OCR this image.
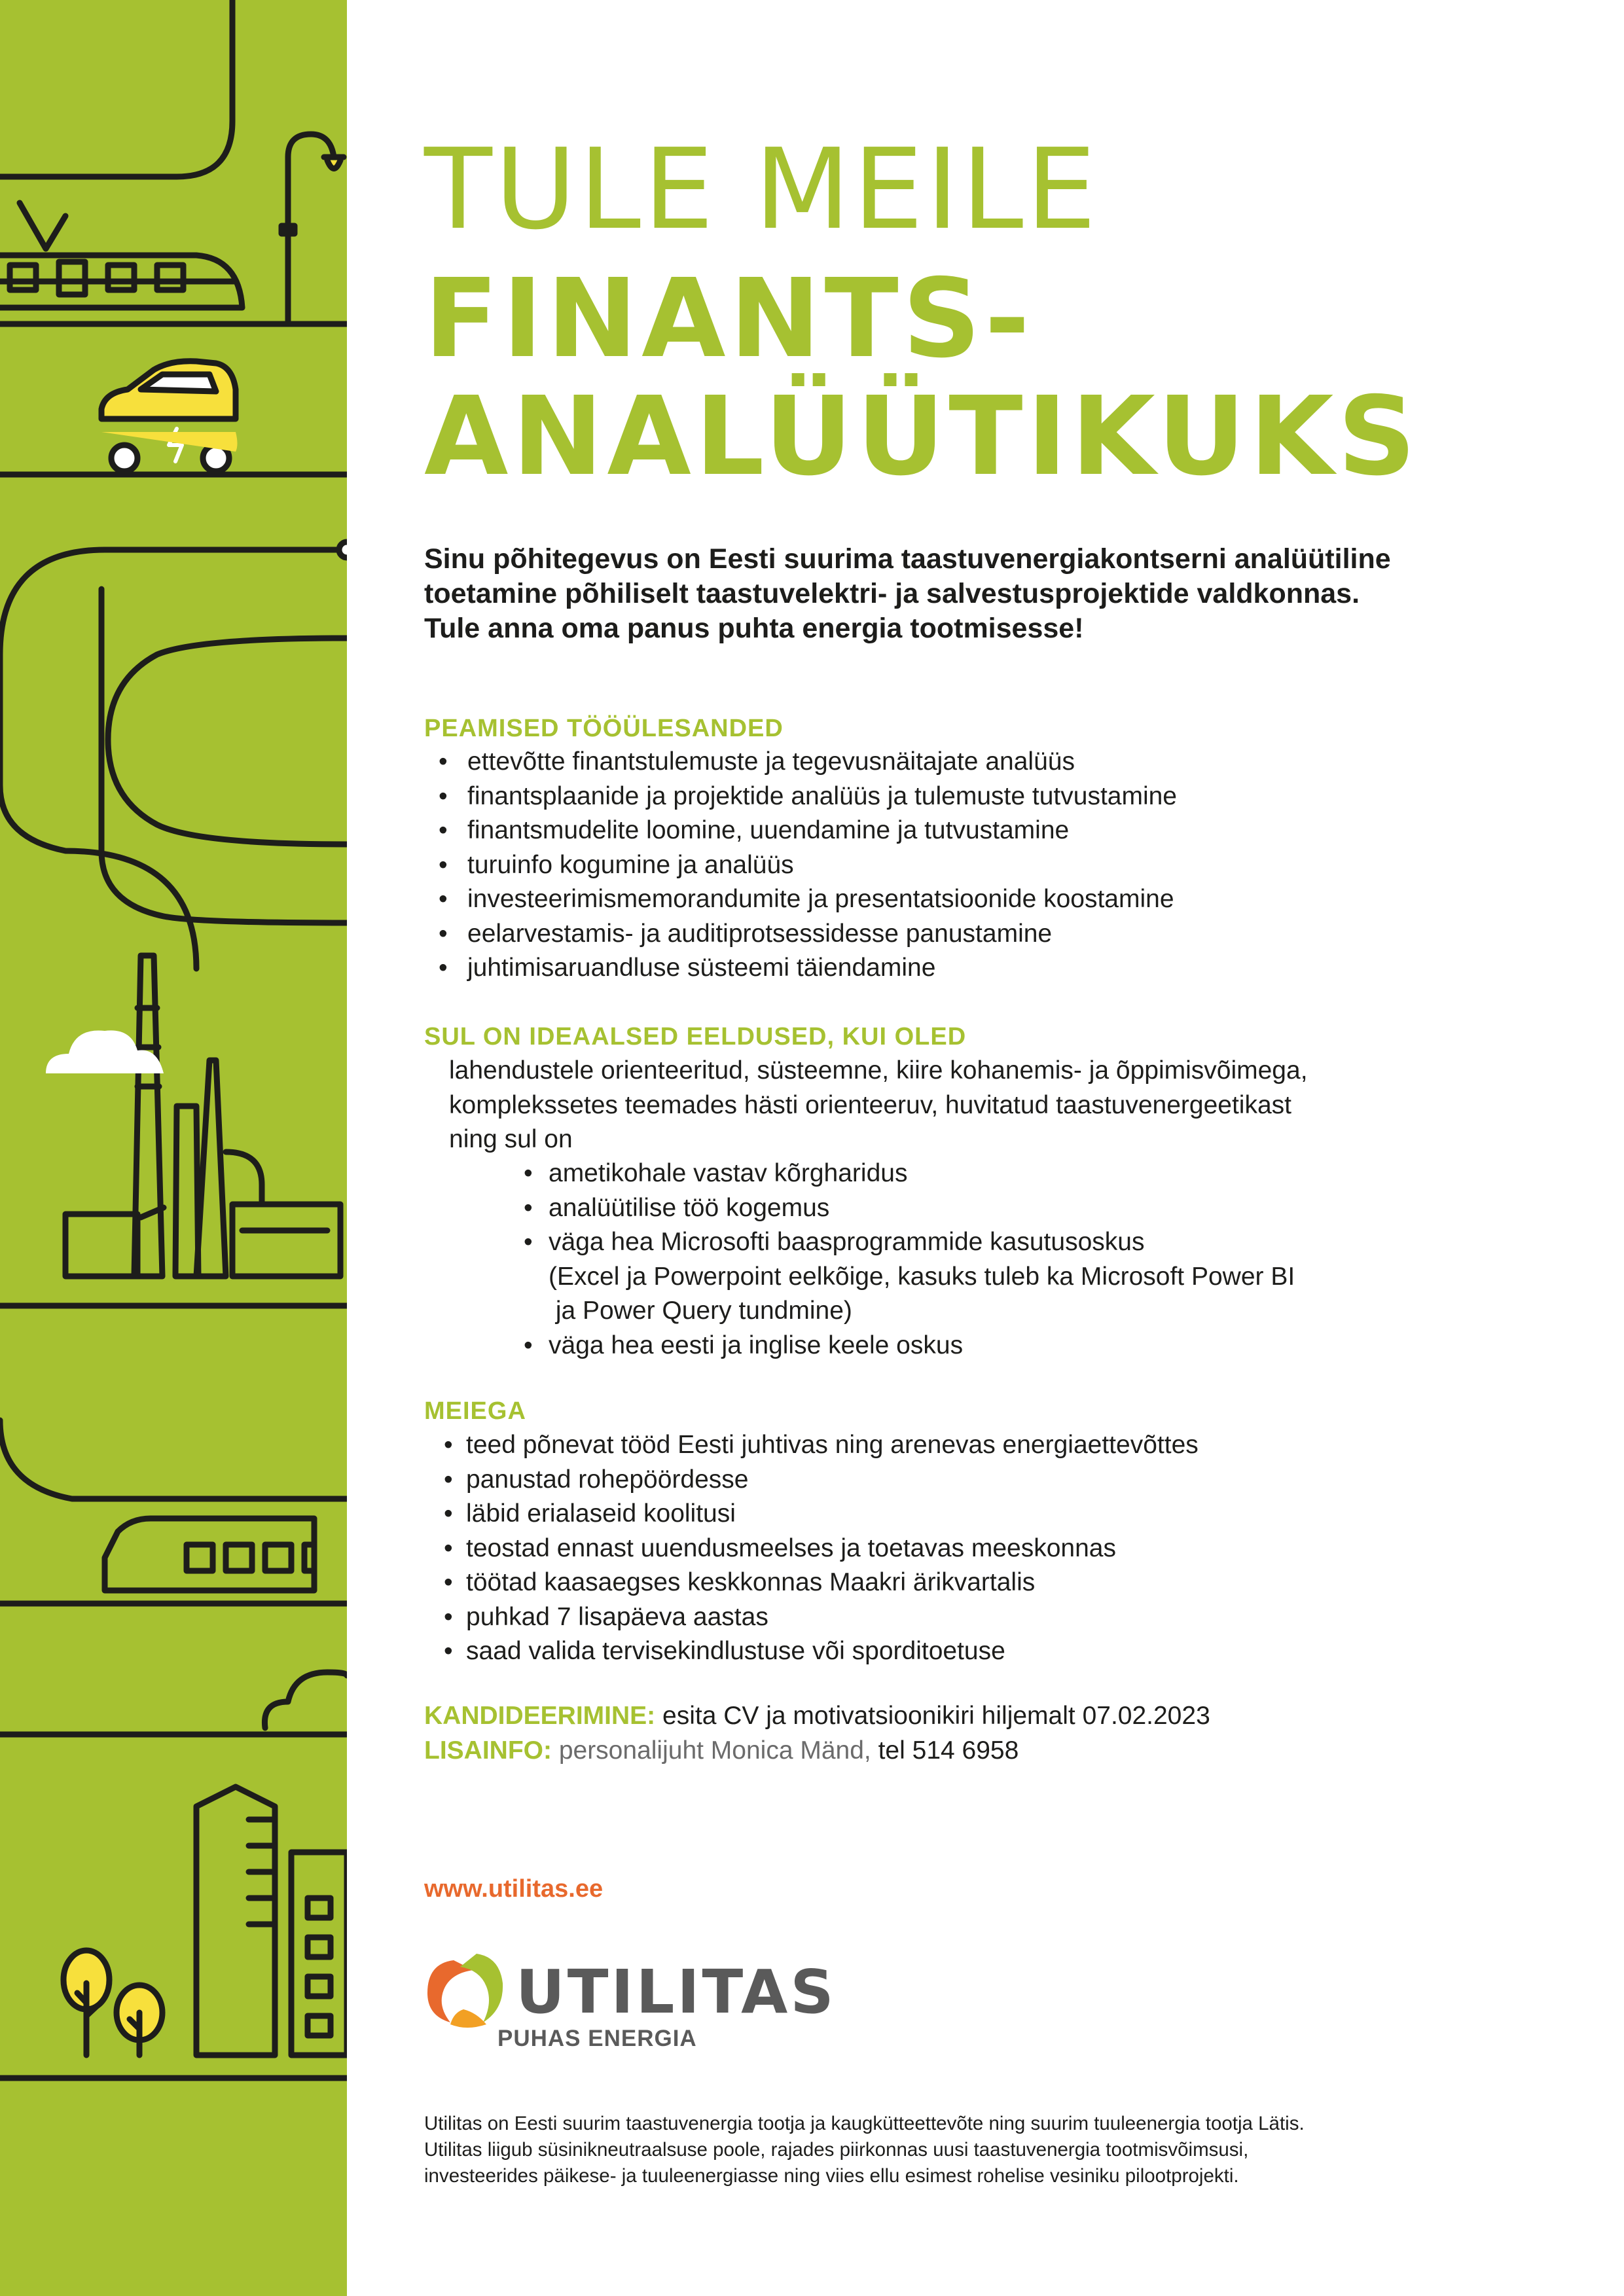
TULE MEILE
FINANTS-
ANALÜÜTIKUKS
Sinu põhitegevus on Eesti suurima taastuvenergiakontserni analüütiline
toetamine põhiliselt taastuvelektri- ja salvestusprojektide valdkonnas.
Tule anna oma panus puhta energia tootmisesse!
PEAMISED TÖÖÜLESANDED
• ettevõtte finantstulemuste ja tegevusnäitajate analüüs
• finantsplaanide ja projektide analüüs ja tulemuste tutvustamine
• finantsmudelite loomine, uuendamine ja tutvustamine
• turuinfo kogumine ja analüüs
• investeerimismemorandumite ja presentatsioonide koostamine
• eelarvestamis- ja auditiprotsessidesse panustamine
• juhtimisaruandluse süsteemi täiendamine
SUL ON IDEAALSED EELDUSED, KUI OLED
lahendustele orienteeritud, süsteemne, kiire kohanemis- ja õppimisvõimega,
komplekssetes teemades hästi orienteeruv, huvitatud taastuvenergeetikast
ning sul on
• ametikohale vastav kõrgharidus
• analüütilise töö kogemus
• väga hea Microsofti baasprogrammide kasutusoskus
(Excel ja Powerpoint eelkõige, kasuks tuleb ka Microsoft Power BI
ja Power Query tundmine)
• väga hea eesti ja inglise keele oskus
MEIEGA
• teed põnevat tööd Eesti juhtivas ning arenevas energiaettevõttes
• panustad rohepöördesse
• läbid erialaseid koolitusi
• teostad ennast uuendusmeelses ja toetavas meeskonnas
• töötad kaasaegses keskkonnas Maakri ärikvartalis
• puhkad 7 lisapäeva aastas
• saad valida tervisekindlustuse või sporditoetuse
KANDIDEERIMINE: esita CV ja motivatsioonikiri hiljemalt 07.02.2023
LISAINFO: personalijuht Monica Mänd, tel 514 6958
www.utilitas.ee
UTILITAS
PUHAS ENERGIA
Utilitas on Eesti suurim taastuvenergia tootja ja kaugkütteettevõte ning suurim tuuleenergia tootja Lätis.
Utilitas liigub süsinikneutraalsuse poole, rajades piirkonnas uusi taastuvenergia tootmisvõimsusi,
investeerides päikese- ja tuuleenergiasse ning viies ellu esimest rohelise vesiniku pilootprojekti.
